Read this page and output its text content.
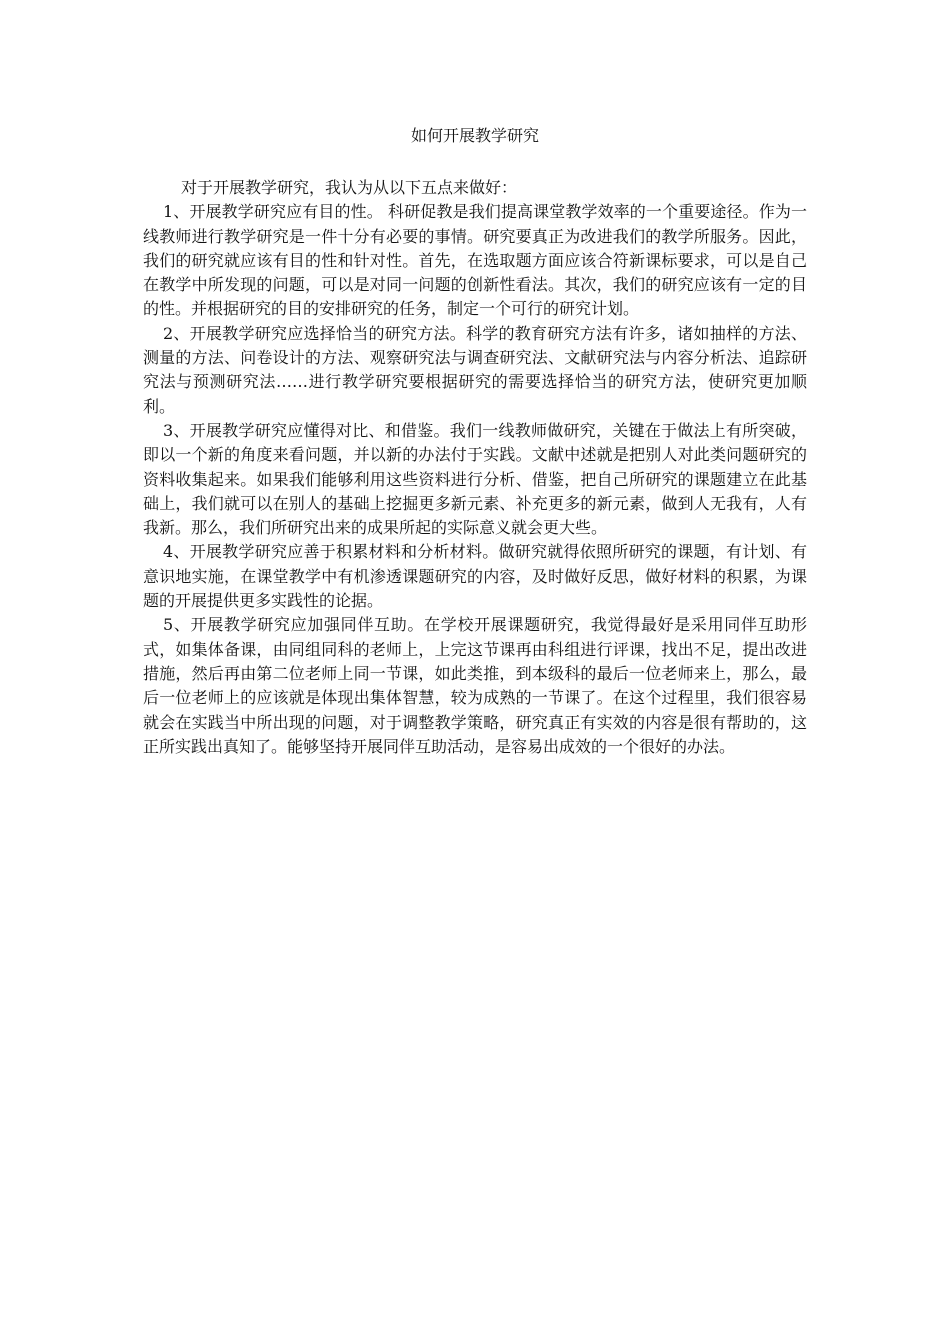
如何开展教学研究

对于开展教学研究，我认为从以下五点来做好：

1、开展教学研究应有目的性。 科研促教是我们提高课堂教学效率的一个重要途径。作为一线教师进行教学研究是一件十分有必要的事情。研究要真正为改进我们的教学所服务。因此，我们的研究就应该有目的性和针对性。首先，在选取题方面应该合符新课标要求，可以是自己在教学中所发现的问题，可以是对同一问题的创新性看法。其次，我们的研究应该有一定的目的性。并根据研究的目的安排研究的任务，制定一个可行的研究计划。

2、开展教学研究应选择恰当的研究方法。科学的教育研究方法有许多，诸如抽样的方法、测量的方法、问卷设计的方法、观察研究法与调查研究法、文献研究法与内容分析法、追踪研究法与预测研究法……进行教学研究要根据研究的需要选择恰当的研究方法，使研究更加顺利。

3、开展教学研究应懂得对比、和借鉴。我们一线教师做研究，关键在于做法上有所突破，即以一个新的角度来看问题，并以新的办法付于实践。文献中述就是把别人对此类问题研究的资料收集起来。如果我们能够利用这些资料进行分析、借鉴，把自己所研究的课题建立在此基础上，我们就可以在别人的基础上挖掘更多新元素、补充更多的新元素，做到人无我有，人有我新。那么，我们所研究出来的成果所起的实际意义就会更大些。

4、开展教学研究应善于积累材料和分析材料。做研究就得依照所研究的课题，有计划、有意识地实施，在课堂教学中有机渗透课题研究的内容，及时做好反思，做好材料的积累，为课题的开展提供更多实践性的论据。

5、开展教学研究应加强同伴互助。在学校开展课题研究，我觉得最好是采用同伴互助形式，如集体备课，由同组同科的老师上，上完这节课再由科组进行评课，找出不足，提出改进措施，然后再由第二位老师上同一节课，如此类推，到本级科的最后一位老师来上，那么，最后一位老师上的应该就是体现出集体智慧，较为成熟的一节课了。在这个过程里，我们很容易就会在实践当中所出现的问题，对于调整教学策略，研究真正有实效的内容是很有帮助的，这正所实践出真知了。能够坚持开展同伴互助活动，是容易出成效的一个很好的办法。
